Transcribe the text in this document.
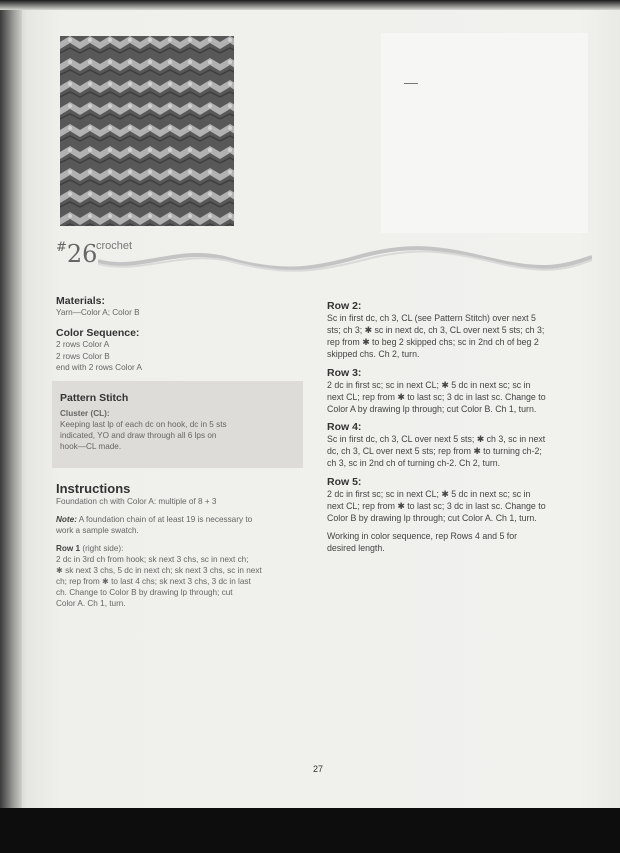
#26
crochet
Materials:
Yarn—Color A; Color B
Color Sequence:
2 rows Color A
2 rows Color B
end with 2 rows Color A
Pattern Stitch
Cluster (CL):
Keeping last lp of each dc on hook, dc in 5 sts
indicated, YO and draw through all 6 lps on
hook—CL made.
Instructions
Foundation ch with Color A: multiple of 8 + 3
Note: A foundation chain of at least 19 is necessary to
work a sample swatch.
Row 1 (right side):
2 dc in 3rd ch from hook; sk next 3 chs, sc in next ch;
✱ sk next 3 chs, 5 dc in next ch; sk next 3 chs, sc in next
ch; rep from ✱ to last 4 chs; sk next 3 chs, 3 dc in last
ch. Change to Color B by drawing lp through; cut
Color A. Ch 1, turn.
Row 2:
Sc in first dc, ch 3, CL (see Pattern Stitch) over next 5
sts; ch 3; ✱ sc in next dc, ch 3, CL over next 5 sts; ch 3;
rep from ✱ to beg 2 skipped chs; sc in 2nd ch of beg 2
skipped chs. Ch 2, turn.
Row 3:
2 dc in first sc; sc in next CL; ✱ 5 dc in next sc; sc in
next CL; rep from ✱ to last sc; 3 dc in last sc. Change to
Color A by drawing lp through; cut Color B. Ch 1, turn.
Row 4:
Sc in first dc, ch 3, CL over next 5 sts; ✱ ch 3, sc in next
dc, ch 3, CL over next 5 sts; rep from ✱ to turning ch-2;
ch 3, sc in 2nd ch of turning ch-2. Ch 2, turn.
Row 5:
2 dc in first sc; sc in next CL; ✱ 5 dc in next sc; sc in
next CL; rep from ✱ to last sc; 3 dc in last sc. Change to
Color B by drawing lp through; cut Color A. Ch 1, turn.
Working in color sequence, rep Rows 4 and 5 for
desired length.
27
